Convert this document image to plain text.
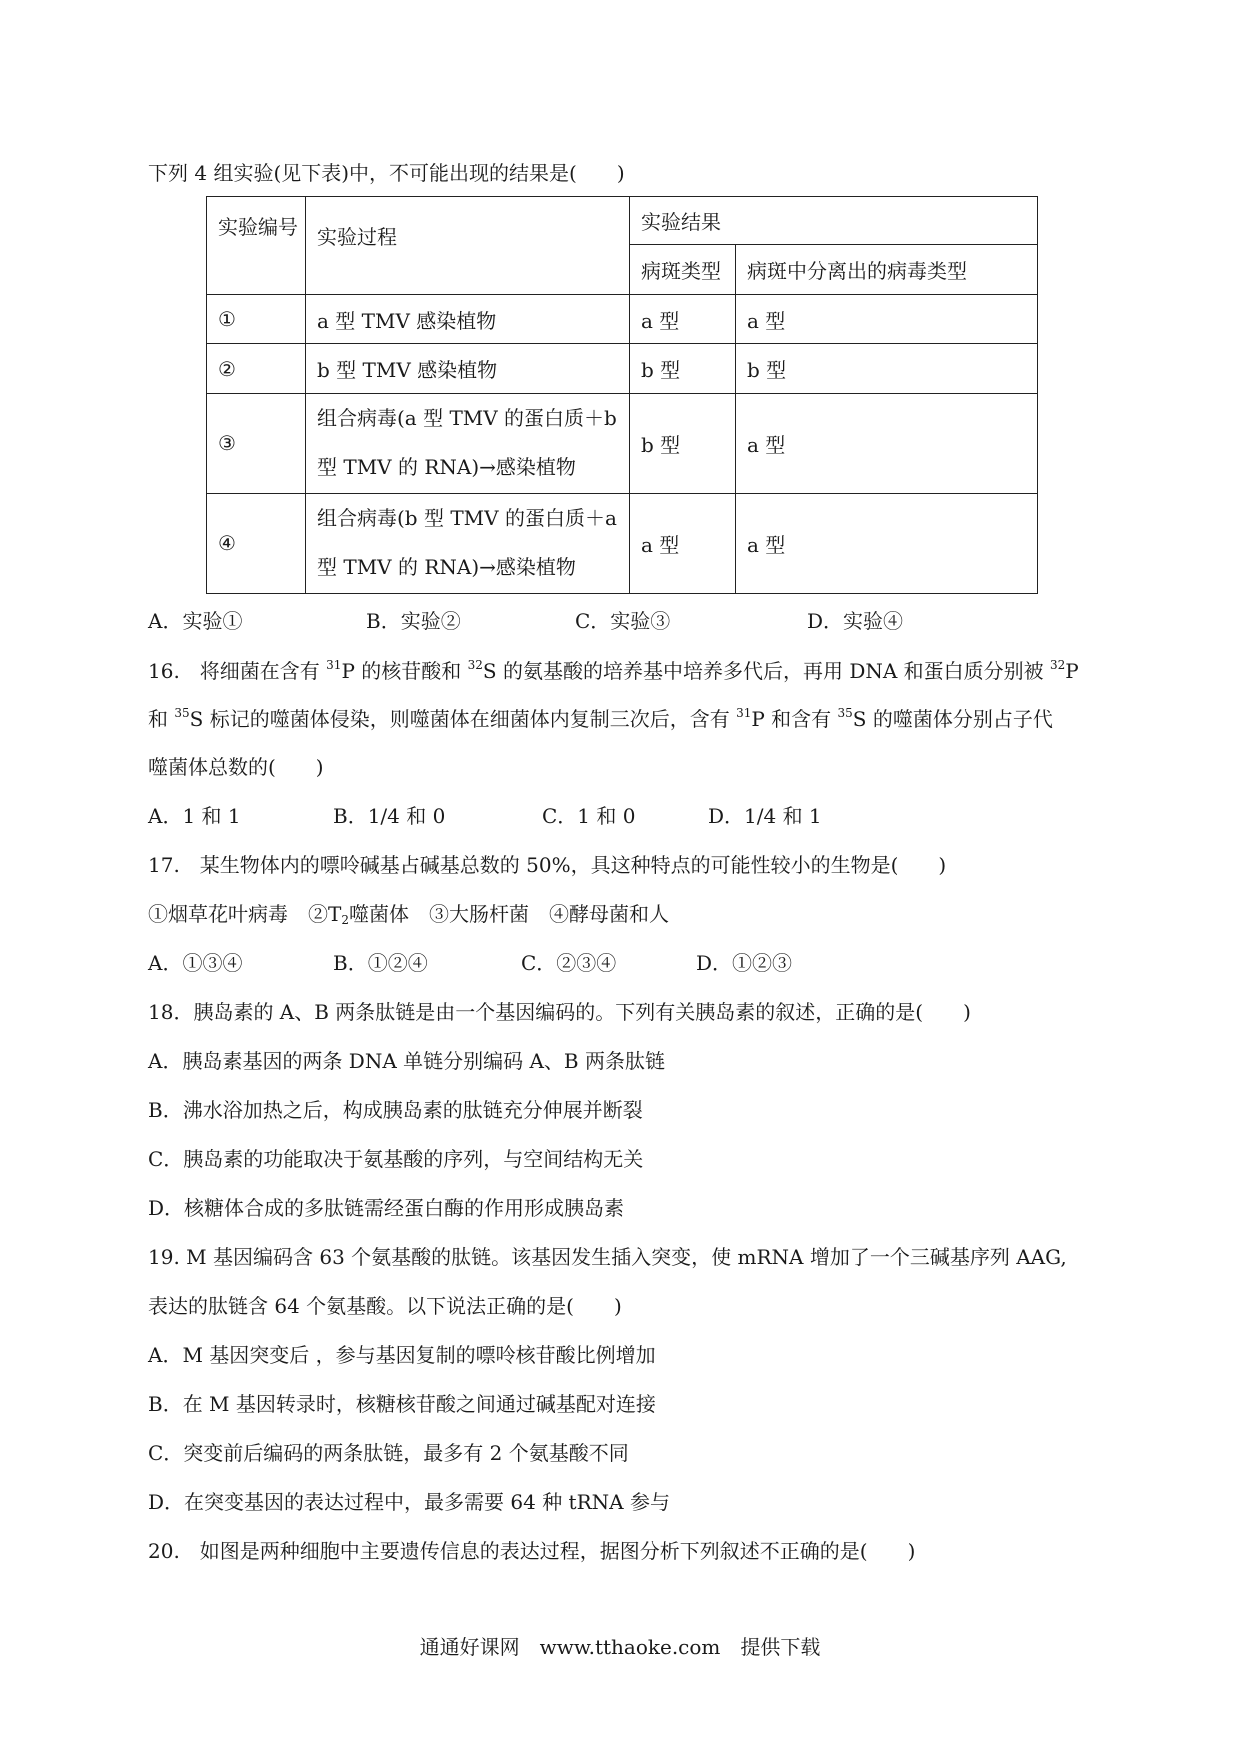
下列 4 组实验(见下表)中，不可能出现的结果是(　　)
实验编号	实验过程	实验结果	
		病斑类型	病斑中分离出的病毒类型
①	a 型 TMV 感染植物	a 型	a 型
②	b 型 TMV 感染植物	b 型	b 型
③	组合病毒(a 型 TMV 的蛋白质＋b
型 TMV 的 RNA)→感染植物	b 型	a 型
④	组合病毒(b 型 TMV 的蛋白质＋a
型 TMV 的 RNA)→感染植物	a 型	a 型
A．实验①	B．实验②	C．实验③	D．实验④
16.　将细菌在含有 $^{31}$P 的核苷酸和 $^{32}$S 的氨基酸的培养基中培养多代后，再用 DNA 和蛋白质分别被 $^{32}$P
和 $^{35}$S 标记的噬菌体侵染，则噬菌体在细菌体内复制三次后，含有 $^{31}$P 和含有 $^{35}$S 的噬菌体分别占子代
噬菌体总数的(　　)
A．1 和 1	B．1/4 和 0	C．1 和 0	D．1/4 和 1
17.　某生物体内的嘌呤碱基占碱基总数的 50%，具这种特点的可能性较小的生物是(　　)
①烟草花叶病毒　$②T_2$噬菌体　③大肠杆菌　④酵母菌和人
A．①③④	B．①②④	C．②③④	D．①②③
18．胰岛素的 A、B 两条肽链是由一个基因编码的。下列有关胰岛素的叙述，正确的是(　　)
A．胰岛素基因的两条 DNA 单链分别编码 A、B 两条肽链
B．沸水浴加热之后，构成胰岛素的肽链充分伸展并断裂
C．胰岛素的功能取决于氨基酸的序列，与空间结构无关
D．核糖体合成的多肽链需经蛋白酶的作用形成胰岛素
19. M 基因编码含 63 个氨基酸的肽链。该基因发生插入突变，使 mRNA 增加了一个三碱基序列 AAG,
表达的肽链含 64 个氨基酸。以下说法正确的是(　　)
A．M 基因突变后 ，参与基因复制的嘌呤核苷酸比例增加
B．在 M 基因转录时，核糖核苷酸之间通过碱基配对连接
C．突变前后编码的两条肽链，最多有 2 个氨基酸不同
D．在突变基因的表达过程中，最多需要 64 种 tRNA 参与
20.　如图是两种细胞中主要遗传信息的表达过程，据图分析下列叙述不正确的是(　　)
通通好课网　www.tthaoke.com　提供下载
